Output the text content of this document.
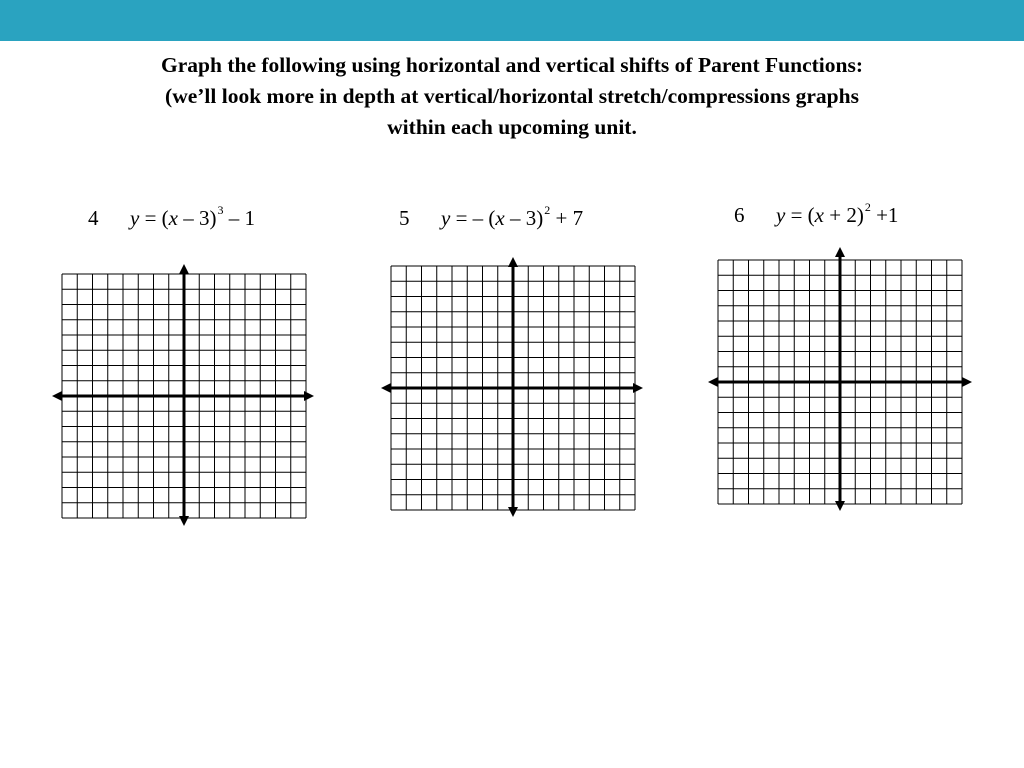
Graph the following using horizontal and vertical shifts of Parent Functions:
(we’ll look more in depth at vertical/horizontal stretch/compressions graphs
within each upcoming unit.
4 y = (x – 3)$^3$ – 1	5 y = – (x – 3)$^2$ + 7	6 $y = (x + 2)^2 +1$
